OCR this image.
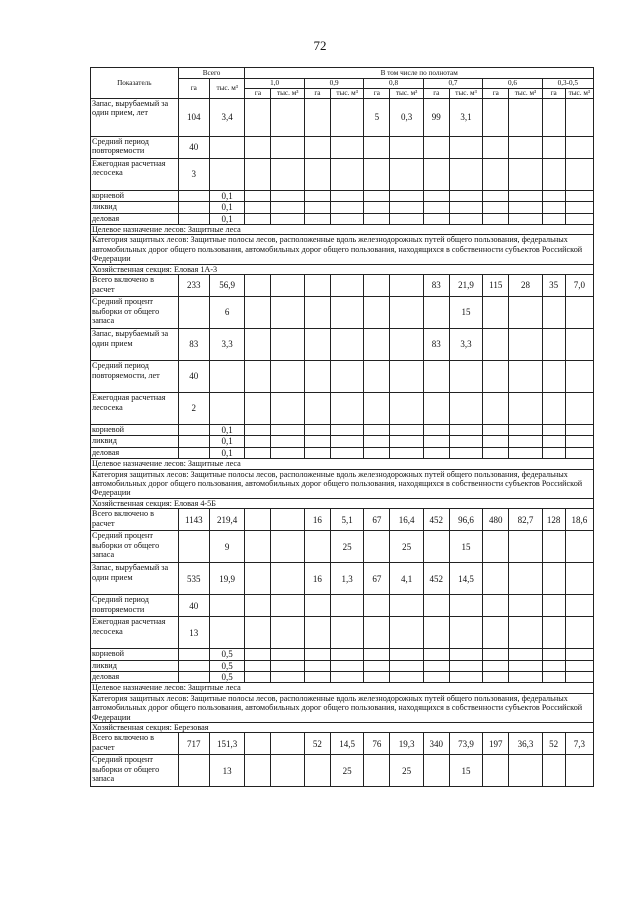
72
Показатель	Всего		В том числе по полнотам											
	га	тыс. м³	1,0		0,9		0,8		0,7		0,6		0,3-0,5	
			га	тыс. м³	га	тыс. м³	га	тыс. м³	га	тыс. м³	га	тыс. м³	га	тыс. м³
Запас, вырубаемый за один прием, лет	104	3,4					5	0,3	99	3,1				
Средний период повторяемости	40													
Ежегодная расчетная лесосека	3													
корневой		0,1												
ликвид		0,1												
деловая		0,1												
Целевое назначение лесов: Защитные леса														
Категория защитных лесов: Защитные полосы лесов, расположенные вдоль железнодорожных путей общего пользования, федеральных автомобильных дорог общего пользования, автомобильных дорог общего пользования, находящихся в собственности субъектов Российской Федерации														
Хозяйственная секция: Еловая 1А-3														
Всего включено в расчет	233	56,9							83	21,9	115	28	35	7,0
Средний процент выборки от общего запаса		6								15				
Запас, вырубаемый за один прием	83	3,3							83	3,3				
Средний период повторяемости, лет	40													
Ежегодная расчетная лесосека	2													
корневой		0,1												
ликвид		0,1												
деловая		0,1												
Целевое назначение лесов: Защитные леса														
Категория защитных лесов: Защитные полосы лесов, расположенные вдоль железнодорожных путей общего пользования, федеральных автомобильных дорог общего пользования, автомобильных дорог общего пользования, находящихся в собственности субъектов Российской Федерации														
Хозяйственная секция: Еловая 4-5Б														
Всего включено в расчет	1143	219,4			16	5,1	67	16,4	452	96,6	480	82,7	128	18,6
Средний процент выборки от общего запаса		9				25		25		15				
Запас, вырубаемый за один прием	535	19,9			16	1,3	67	4,1	452	14,5				
Средний период повторяемости	40													
Ежегодная расчетная лесосека	13													
корневой		0,5												
ликвид		0,5												
деловая		0,5												
Целевое назначение лесов: Защитные леса														
Категория защитных лесов: Защитные полосы лесов, расположенные вдоль железнодорожных путей общего пользования, федеральных автомобильных дорог общего пользования, автомобильных дорог общего пользования, находящихся в собственности субъектов Российской Федерации														
Хозяйственная секция: Березовая														
Всего включено в расчет	717	151,3			52	14,5	76	19,3	340	73,9	197	36,3	52	7,3
Средний процент выборки от общего запаса		13				25		25		15				
